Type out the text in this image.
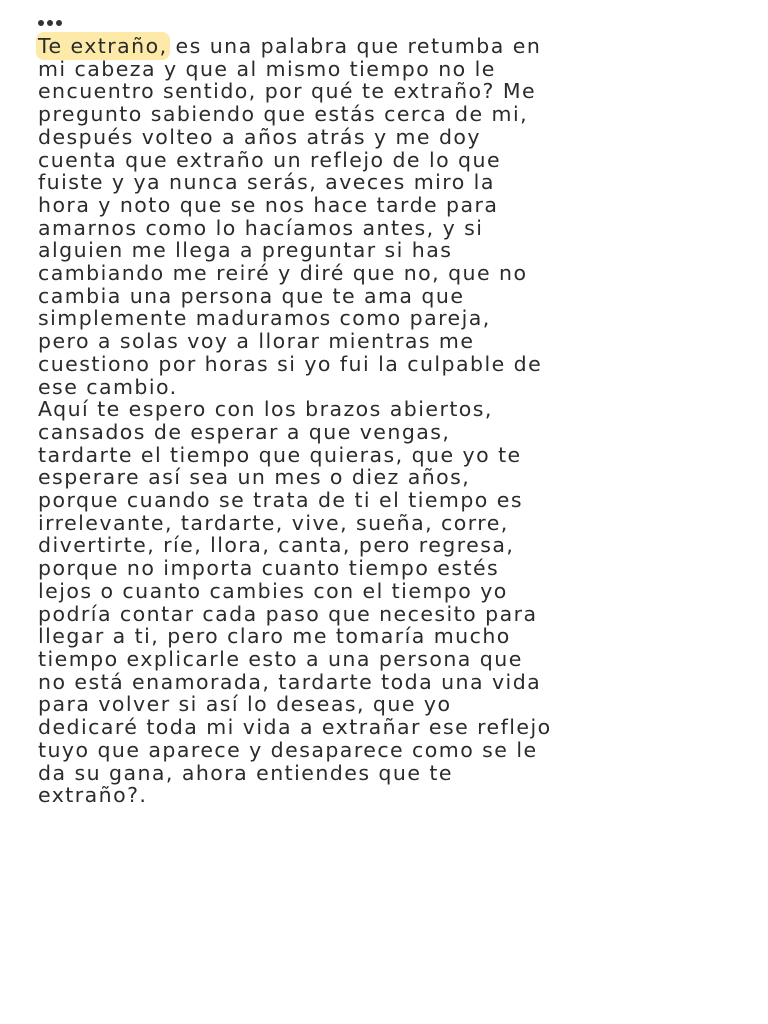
Te extraño, es una palabra que retumba en
mi cabeza y que al mismo tiempo no le
encuentro sentido, por qué te extraño? Me
pregunto sabiendo que estás cerca de mi,
después volteo a años atrás y me doy
cuenta que extraño un reflejo de lo que
fuiste y ya nunca serás, aveces miro la
hora y noto que se nos hace tarde para
amarnos como lo hacíamos antes, y si
alguien me llega a preguntar si has
cambiando me reiré y diré que no, que no
cambia una persona que te ama que
simplemente maduramos como pareja,
pero a solas voy a llorar mientras me
cuestiono por horas si yo fui la culpable de
ese cambio.
Aquí te espero con los brazos abiertos,
cansados de esperar a que vengas,
tardarte el tiempo que quieras, que yo te
esperare así sea un mes o diez años,
porque cuando se trata de ti el tiempo es
irrelevante, tardarte, vive, sueña, corre,
divertirte, ríe, llora, canta, pero regresa,
porque no importa cuanto tiempo estés
lejos o cuanto cambies con el tiempo yo
podría contar cada paso que necesito para
llegar a ti, pero claro me tomaría mucho
tiempo explicarle esto a una persona que
no está enamorada, tardarte toda una vida
para volver si así lo deseas, que yo
dedicaré toda mi vida a extrañar ese reflejo
tuyo que aparece y desaparece como se le
da su gana, ahora entiendes que te
extraño?.
